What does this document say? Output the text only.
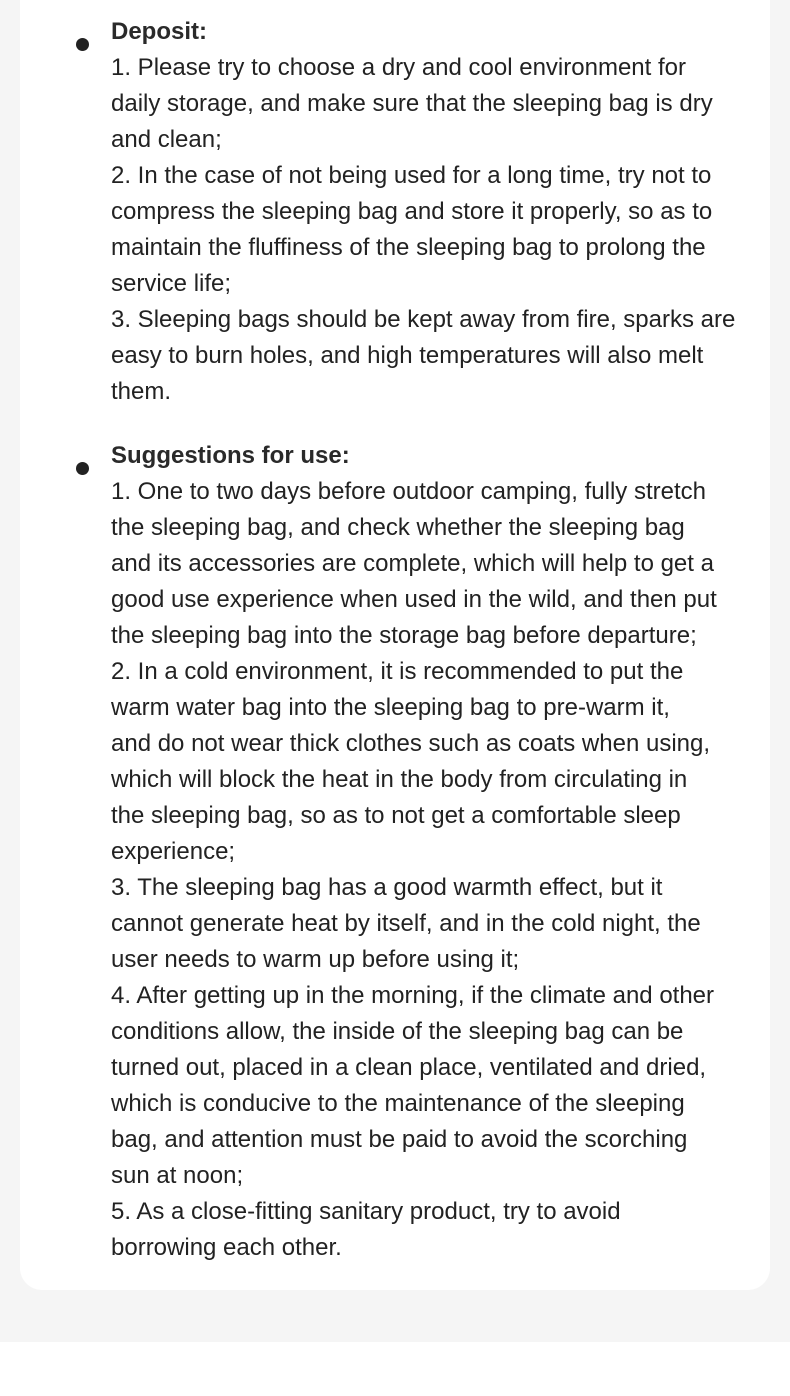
Deposit:

1. Please try to choose a dry and cool environment for
daily storage, and make sure that the sleeping bag is dry
and clean;

2. In the case of not being used for a long time, try not to
compress the sleeping bag and store it properly, so as to
maintain the fluffiness of the sleeping bag to prolong the
service life;

3. Sleeping bags should be kept away from fire, sparks are
easy to burn holes, and high temperatures will also melt
them.

Suggestions for use:

1. One to two days before outdoor camping, fully stretch
the sleeping bag, and check whether the sleeping bag
and its accessories are complete, which will help to get a
good use experience when used in the wild, and then put
the sleeping bag into the storage bag before departure;

2. In a cold environment, it is recommended to put the
warm water bag into the sleeping bag to pre-warm it,
and do not wear thick clothes such as coats when using,
which will block the heat in the body from circulating in
the sleeping bag, so as to not get a comfortable sleep
experience;

3. The sleeping bag has a good warmth effect, but it
cannot generate heat by itself, and in the cold night, the
user needs to warm up before using it;

4. After getting up in the morning, if the climate and other
conditions allow, the inside of the sleeping bag can be
turned out, placed in a clean place, ventilated and dried,
which is conducive to the maintenance of the sleeping
bag, and attention must be paid to avoid the scorching
sun at noon;

5. As a close-fitting sanitary product, try to avoid
borrowing each other.
